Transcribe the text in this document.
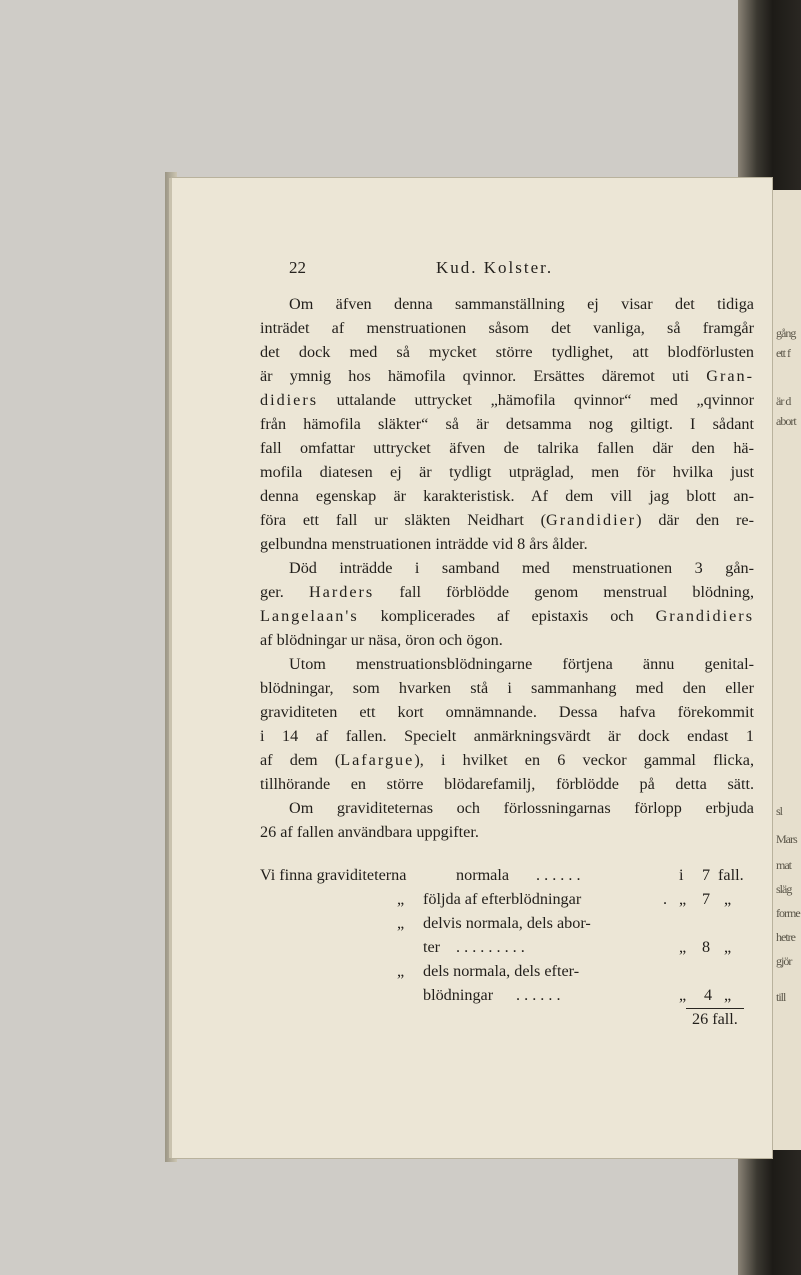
gång
ett f
är d
abort
sl
Mars
mat
släg
forme
hetre
gjör
till
22	Kud. Kolster.
Om äfven denna sammanställning ej visar det tidiga
inträdet af menstruationen såsom det vanliga, så framgår
det dock med så mycket större tydlighet, att blodförlusten
är ymnig hos hämofila qvinnor. Ersättes däremot uti Gran-
didiers uttalande uttrycket „hämofila qvinnor“ med „qvinnor
från hämofila släkter“ så är detsamma nog giltigt. I sådant
fall omfattar uttrycket äfven de talrika fallen där den hä-
mofila diatesen ej är tydligt utpräglad, men för hvilka just
denna egenskap är karakteristisk. Af dem vill jag blott an-
föra ett fall ur släkten Neidhart (Grandidier) där den re-
gelbundna menstruationen inträdde vid 8 års ålder.
Död inträdde i samband med menstruationen 3 gån-
ger. Harders fall förblödde genom menstrual blödning,
Langelaan's komplicerades af epistaxis och Grandidiers
af blödningar ur näsa, öron och ögon.
Utom menstruationsblödningarne förtjena ännu genital-
blödningar, som hvarken stå i sammanhang med den eller
graviditeten ett kort omnämnande. Dessa hafva förekommit
i 14 af fallen. Specielt anmärkningsvärdt är dock endast 1
af dem (Lafargue), i hvilket en 6 veckor gammal flicka,
tillhörande en större blödarefamilj, förblödde på detta sätt.
Om graviditeternas och förlossningarnas förlopp erbjuda
26 af fallen användbara uppgifter.
Vi finna graviditeterna	normala . . . . . .	i 7 fall.
„ följda af efterblödningar	. „ 7 „
„ delvis normala, dels abor-
ter . . . . . . . . .	„ 8 „
„ dels normala, dels efter-
blödningar . . . . . .	„ 4 „
26 fall.
